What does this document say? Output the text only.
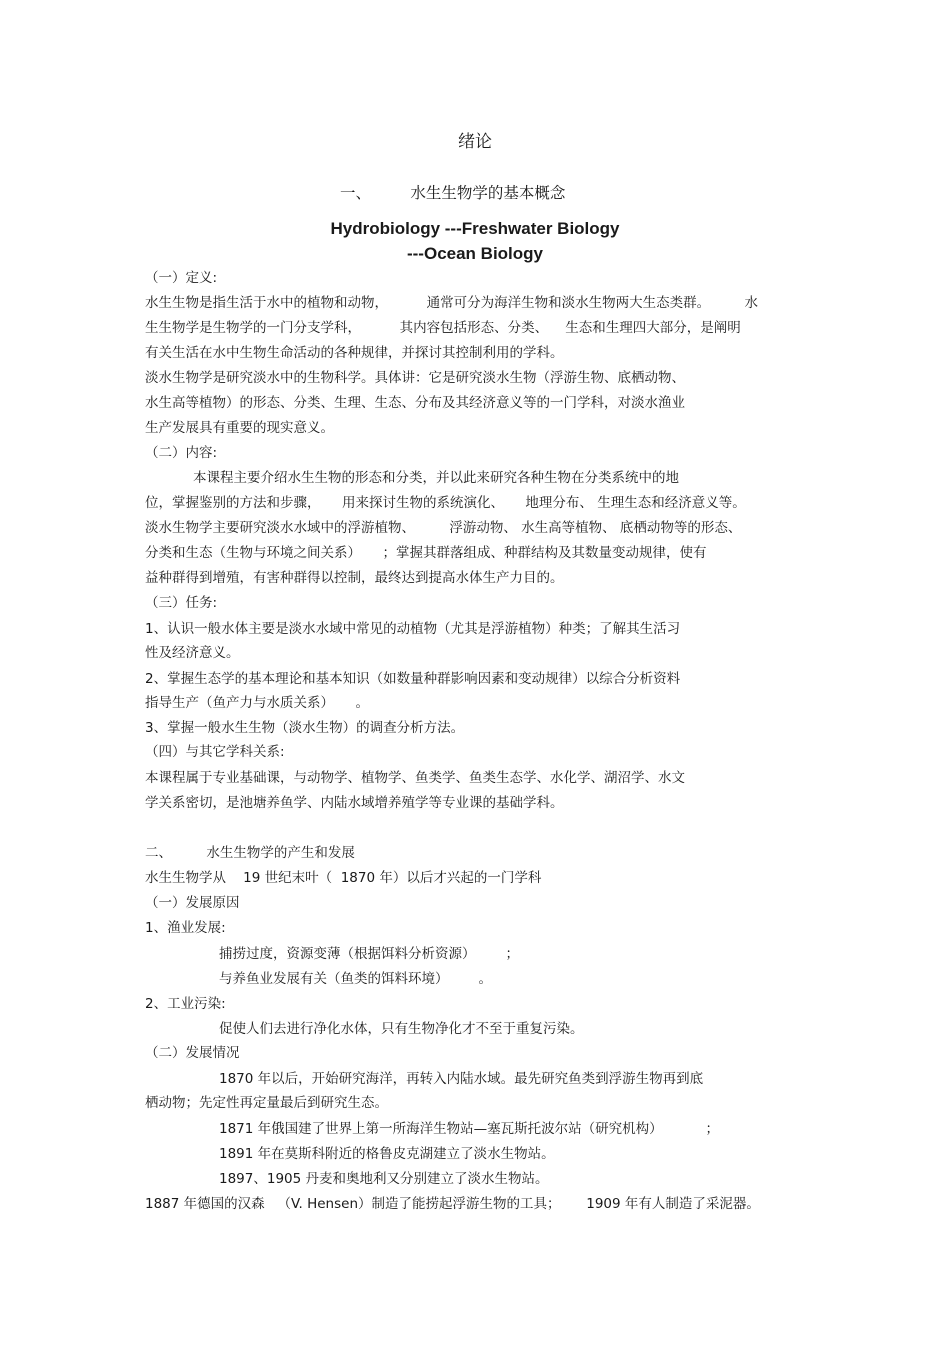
绪论
一、        水生生物学的基本概念
Hydrobiology ---Freshwater Biology
---Ocean Biology
（一）定义:
水生生物是指生活于水中的植物和动物，         通常可分为海洋生物和淡水生物两大生态类群。        水
生生物学是生物学的一门分支学科，         其内容包括形态、分类、    生态和生理四大部分，是阐明
有关生活在水中生物生命活动的各种规律，并探讨其控制利用的学科。
淡水生物学是研究淡水中的生物科学。具体讲：它是研究淡水生物（浮游生物、底栖动物、
水生高等植物）的形态、分类、生理、生态、分布及其经济意义等的一门学科，对淡水渔业
生产发展具有重要的现实意义。
（二）内容:
本课程主要介绍水生生物的形态和分类，并以此来研究各种生物在分类系统中的地
位，掌握鉴别的方法和步骤，     用来探讨生物的系统演化、     地理分布、 生理生态和经济意义等。
淡水生物学主要研究淡水水域中的浮游植物、        浮游动物、 水生高等植物、 底栖动物等的形态、
分类和生态（生物与环境之间关系）     ；掌握其群落组成、种群结构及其数量变动规律，使有
益种群得到增殖，有害种群得以控制，最终达到提高水体生产力目的。
（三）任务:
1、认识一般水体主要是淡水水域中常见的动植物（尤其是浮游植物）种类；了解其生活习
性及经济意义。
2、掌握生态学的基本理论和基本知识（如数量种群影响因素和变动规律）以综合分析资料
指导生产（鱼产力与水质关系）     。
3、掌握一般水生生物（淡水生物）的调查分析方法。
（四）与其它学科关系:
本课程属于专业基础课，与动物学、植物学、鱼类学、鱼类生态学、水化学、湖沼学、水文
学关系密切，是池塘养鱼学、内陆水域增养殖学等专业课的基础学科。
二、        水生生物学的产生和发展
水生生物学从    19 世纪末叶（  1870 年）以后才兴起的一门学科
（一）发展原因
1、渔业发展:
捕捞过度，资源变薄（根据饵料分析资源）       ；
与养鱼业发展有关（鱼类的饵料环境）       。
2、工业污染:
促使人们去进行净化水体，只有生物净化才不至于重复污染。
（二）发展情况
1870 年以后，开始研究海洋，再转入内陆水域。最先研究鱼类到浮游生物再到底
栖动物；先定性再定量最后到研究生态。
1871 年俄国建了世界上第一所海洋生物站—塞瓦斯托波尔站（研究机构）          ；
1891 年在莫斯科附近的格鲁皮克湖建立了淡水生物站。
1897、1905 丹麦和奥地利又分别建立了淡水生物站。
1887 年德国的汉森   （V. Hensen）制造了能捞起浮游生物的工具；      1909 年有人制造了采泥器。
